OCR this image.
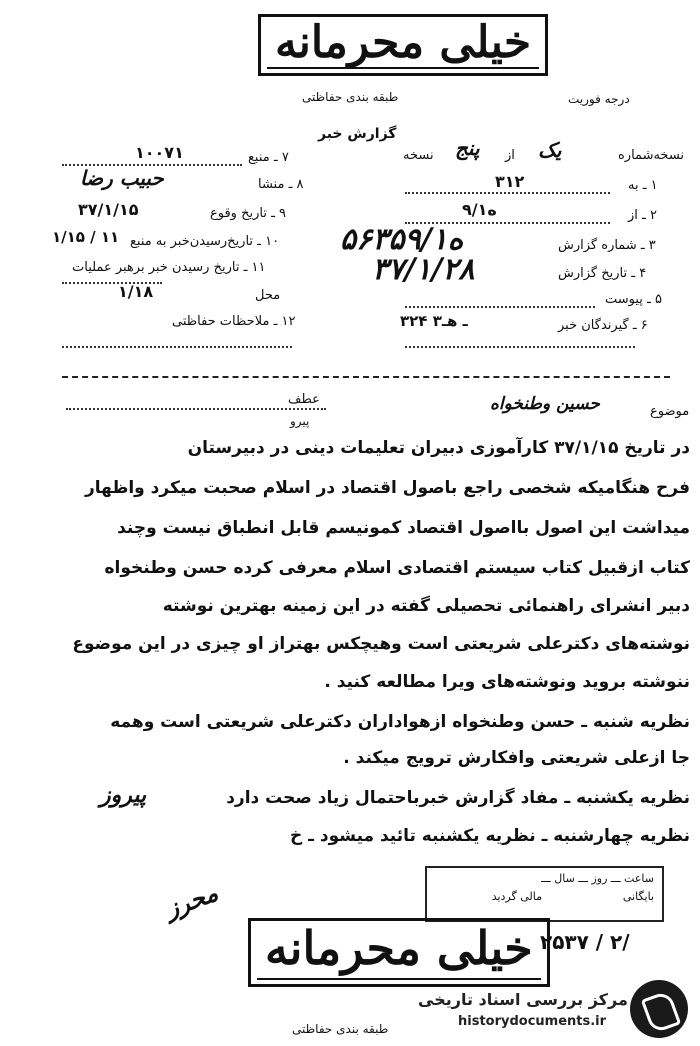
خیلی محرمانه
طبقه بندی حفاظتی	درجه فوریت
گزارش خبر
نسخه‌شماره
یک
از
پنج
نسخه
۱ ـ به
۳۱۲
۲ ـ از
۹/۱ه
۳ ـ شماره گزارش
۵۶۳۵۹/۱ه
۴ ـ تاریخ گزارش
۳۷/۱/۲۸
۵ ـ پیوست
۶ ـ گیرندگان خبر
۳۲۴ ـ هـ۳
۷ ـ منبع
۱۰۰۷۱
۸ ـ منشا
حبیب رضا
۹ ـ تاریخ وقوع
۳۷/۱/۱۵
۱۰ ـ تاریخ‌رسیدن‌خبر به منبع
۱/۱۵ / ۱۱
۱۱ ـ تاریخ رسیدن خبر برهبر عملیات
۱/۱۸	محل
۱۲ ـ ملاحظات حفاظتی
عطف
پیرو
موضوع
حسین وطنخواه
در تاریخ ۳۷/۱/۱۵ کارآموزی دبیران تعلیمات دینی در دبیرستان
فرح هنگامیکه شخصی راجع باصول اقتصاد در اسلام صحبت میکرد واظهار
میداشت این اصول بااصول اقتصاد کمونیسم قابل انطباق نیست وچند
کتاب ازقبیل کتاب سیستم اقتصادی اسلام معرفی کرده حسن وطنخواه
دبیر انشرای راهنمائی تحصیلی گفته در این زمینه بهترین نوشته
نوشته‌های دکترعلی شریعتی است وهیچکس بهتراز او چیزی در این موضوع
ننوشته بروید ونوشته‌های ویرا مطالعه کنید .
نظریه شنبه ـ حسن وطنخواه ازهواداران دکترعلی شریعتی است وهمه
جا ازعلی شریعتی وافکارش ترویج میکند .
نظریه یکشنبه ـ مفاد گزارش خبرباحتمال زیاد صحت دارد
نظریه چهارشنبه ـ نظریه یکشنبه تائید میشود ـ خ
پیروز
محرز	ساعت ـــ روز ـــ سال ـــ
بایگانی
مالی گردید
۲۵۳۷ / ۲/
خیلی محرمانه
طبقه بندی حفاظتی
مرکز بررسی اسناد تاریخی
historydocuments.ir
